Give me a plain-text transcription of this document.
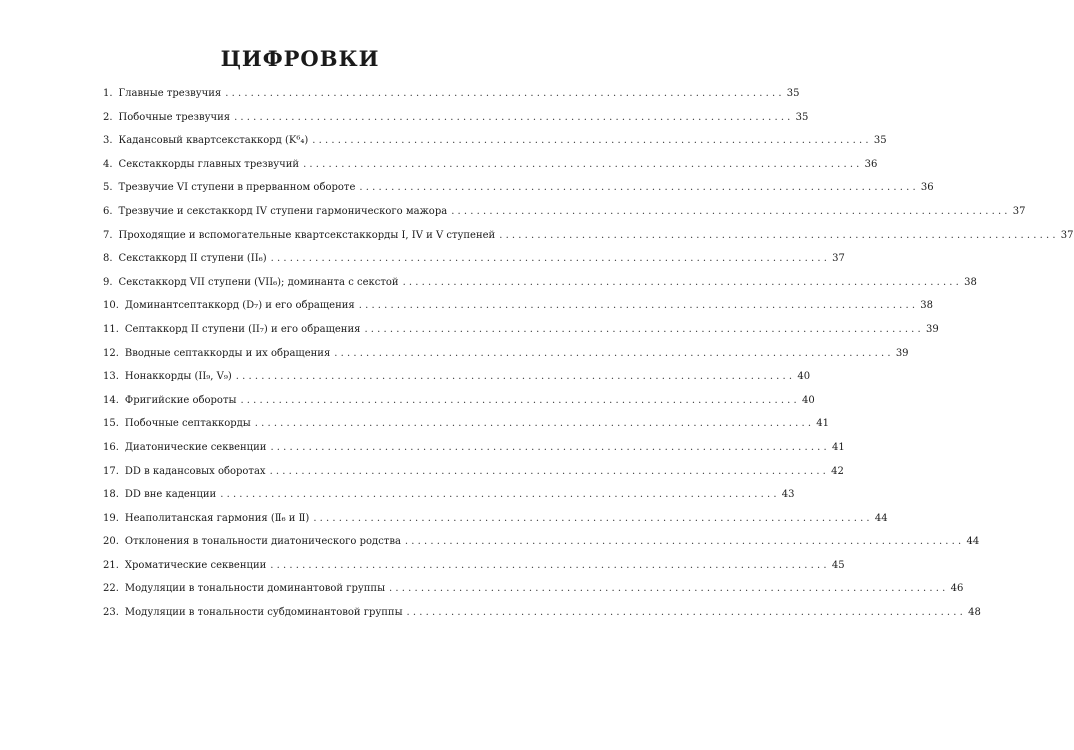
ЦИФРОВКИ
1. Главные трезвучия . . .	35
2. Побочные трезвучия . . .	35
3. Кадансовый квартсекстаккорд (K⁶₄) . . .	35
4. Секстаккорды главных трезвучий . . .	36
5. Трезвучие VI ступени в прерванном обороте . . .	36
6. Трезвучие и секстаккорд IV ступени гармонического мажора . . .	37
7. Проходящие и вспомогательные квартсекстаккорды I, IV и V ступеней . . .	37
8. Секстаккорд II ступени (II₆) . . .	37
9. Секстаккорд VII ступени (VII₆); доминанта с секстой . . .	38
10. Доминантсептаккорд (D₇) и его обращения . . .	38
11. Септаккорд II ступени (II₇) и его обращения . . .	39
12. Вводные септаккорды и их обращения . . .	39
13. Нонаккорды (II₉, V₉) . . .	40
14. Фригийские обороты . . .	40
15. Побочные септаккорды . . .	41
16. Диатонические секвенции . . .	41
17. DD в кадансовых оборотах . . .	42
18. DD вне каденции . . .	43
19. Неаполитанская гармония (Ⅱ₆ и Ⅱ) . . .	44
20. Отклонения в тональности диатонического родства . . .	44
21. Хроматические секвенции . . .	45
22. Модуляции в тональности доминантовой группы . . .	46
23. Модуляции в тональности субдоминантовой группы . . .	48
